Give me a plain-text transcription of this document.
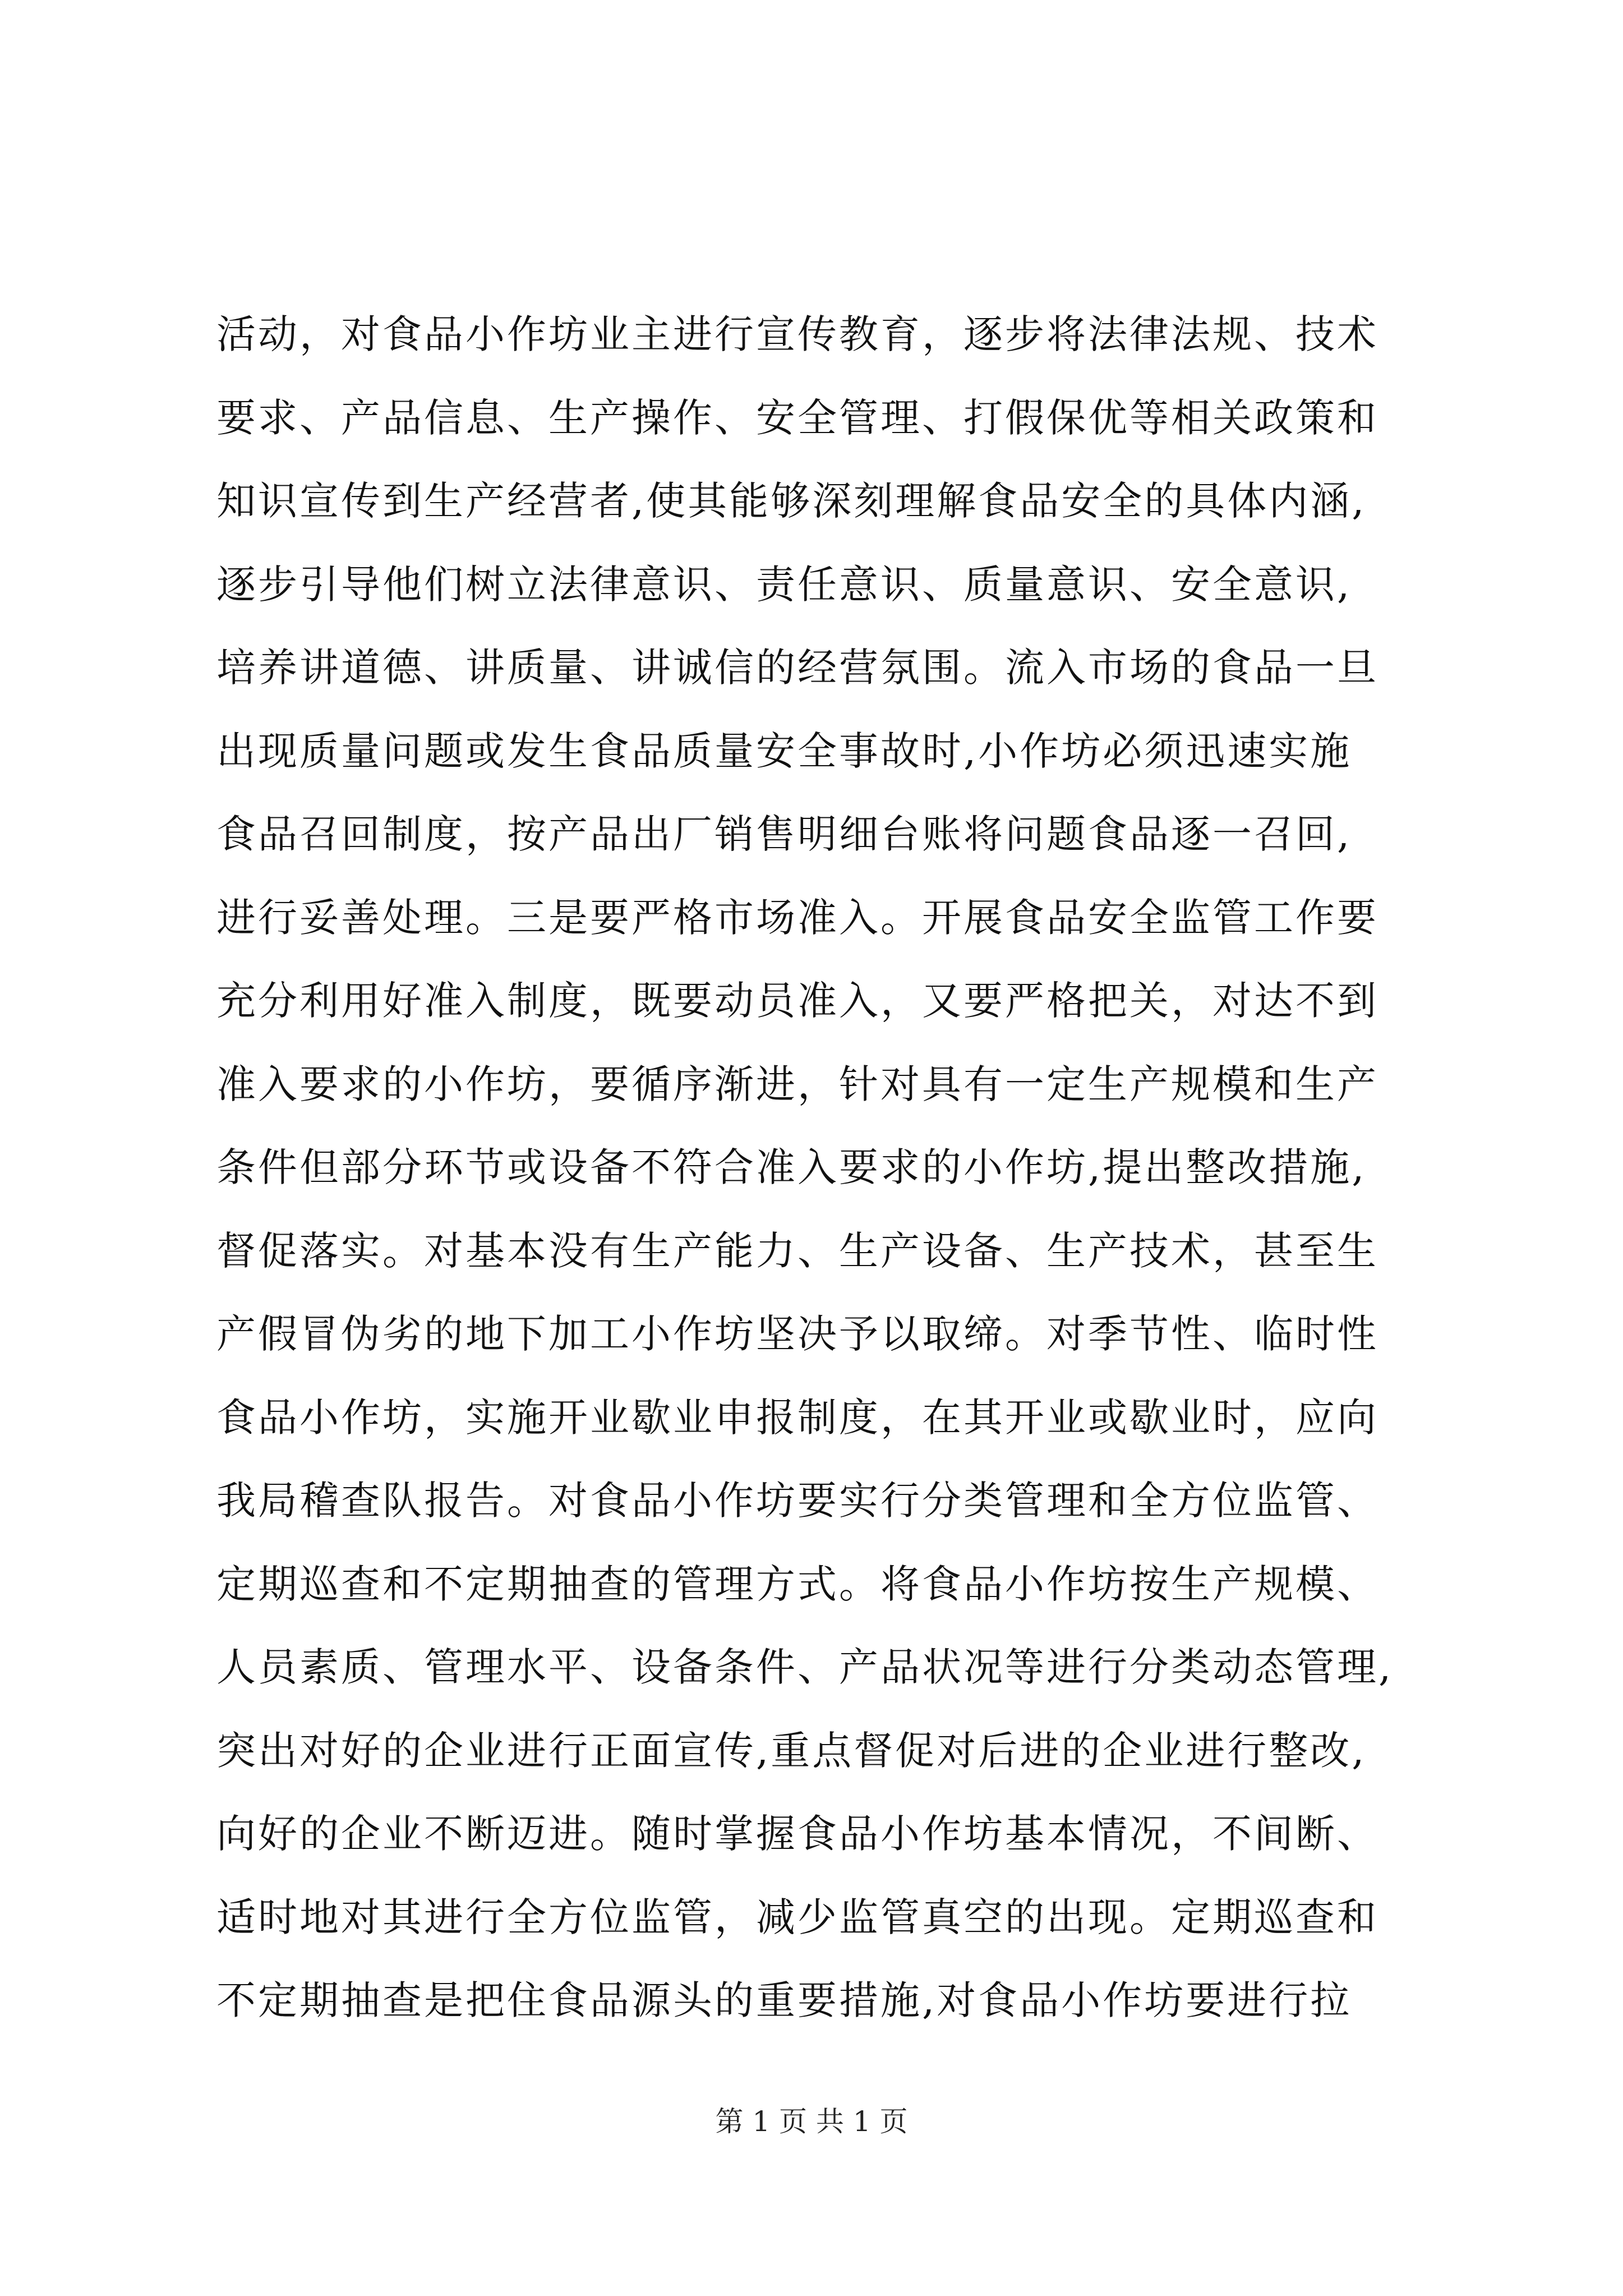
活动，对食品小作坊业主进行宣传教育，逐步将法律法规、技术
要求、产品信息、生产操作、安全管理、打假保优等相关政策和
知识宣传到生产经营者,使其能够深刻理解食品安全的具体内涵,
逐步引导他们树立法律意识、责任意识、质量意识、安全意识,
培养讲道德、讲质量、讲诚信的经营氛围。流入市场的食品一旦
出现质量问题或发生食品质量安全事故时,小作坊必须迅速实施
食品召回制度，按产品出厂销售明细台账将问题食品逐一召回,
进行妥善处理。三是要严格市场准入。开展食品安全监管工作要
充分利用好准入制度，既要动员准入，又要严格把关，对达不到
准入要求的小作坊，要循序渐进，针对具有一定生产规模和生产
条件但部分环节或设备不符合准入要求的小作坊,提出整改措施,
督促落实。对基本没有生产能力、生产设备、生产技术，甚至生
产假冒伪劣的地下加工小作坊坚决予以取缔。对季节性、临时性
食品小作坊，实施开业歇业申报制度，在其开业或歇业时，应向
我局稽查队报告。对食品小作坊要实行分类管理和全方位监管、
定期巡查和不定期抽查的管理方式。将食品小作坊按生产规模、
人员素质、管理水平、设备条件、产品状况等进行分类动态管理,
突出对好的企业进行正面宣传,重点督促对后进的企业进行整改,
向好的企业不断迈进。随时掌握食品小作坊基本情况，不间断、
适时地对其进行全方位监管，减少监管真空的出现。定期巡查和
不定期抽查是把住食品源头的重要措施,对食品小作坊要进行拉
第 1 页 共 1 页
